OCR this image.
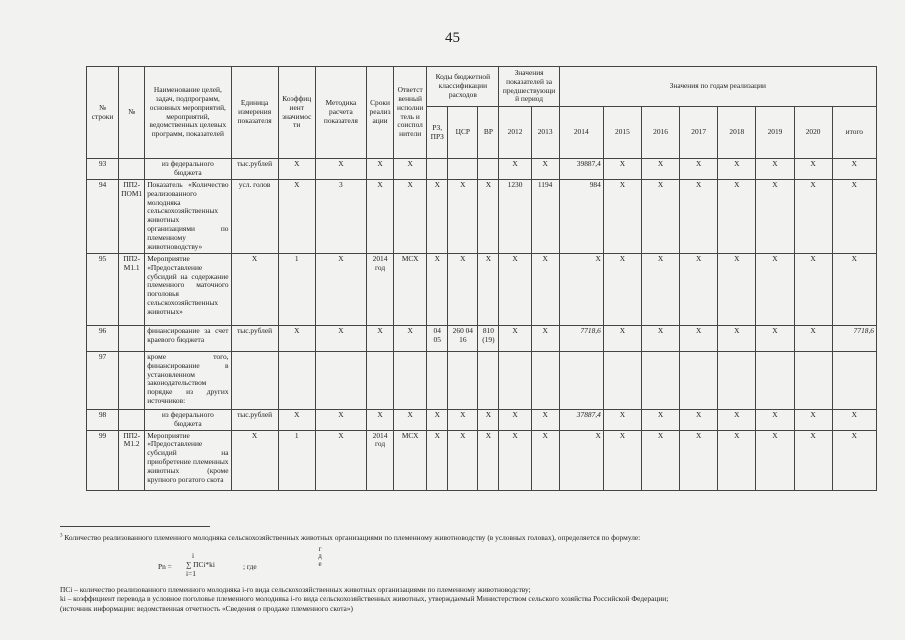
45
№ строки	№	Наименование целей, задач, подпрограмм, основных мероприятий, мероприятий, ведомственных целевых программ, показателей	Единица измерения показателя	Коэффициент значимости	Методика расчета показателя	Сроки реализации	Ответственный исполнитель и соисполнители	Коды бюджетной классификации расходов			Значения показателей за предшествующий период		Значения по годам реализации							
								РЗ, ПРЗ	ЦСР	ВР	2012	2013	2014	2015	2016	2017	2018	2019	2020	итого
93		из федерального бюджета	тыс.рублей	X	X	X	X				X	X	39887,4	X	X	X	X	X	X	X
94	ПП2-ПОМ1	Показатель «Количество реализованного молодняка сельскохозяйственных животных организациями по племенному животноводству»	усл. голов	X	3	X	X	X	X	X	1230	1194	984	X	X	X	X	X	X	X
95	ПП2-М1.1	Мероприятие «Предоставление субсидий на содержание племенного маточного поголовья сельскохозяйственных животных»	X	1	X	2014 год	МСХ	X	X	X	X	X	X	X	X	X	X	X	X	X
96		финансирование за счет краевого бюджета	тыс.рублей	X	X	X	X	04 05	260 04 16	810 (19)	X	X	7718,6	X	X	X	X	X	X	7718,6
97		кроме того, финансирование в установленном законодательством порядке из других источников:																		
98		из федерального бюджета	тыс.рублей	X	X	X	X	X	X	X	X	X	37887,4	X	X	X	X	X	X	X
99	ПП2-М1.2	Мероприятие «Предоставление субсидий на приобретение племенных животных (кроме крупного рогатого скота	X	1	X	2014 год	МСХ	X	X	X	X	X	X	X	X	X	X	X	X	X
$^3$ Количество реализованного племенного молодняка сельскохозяйственных животных организациями по племенному животноводству (в условных головах), определяется по формуле:
Pn =
i
∑ ПСi*ki
i=1
; где
г д е
ПСi – количество реализованного племенного молодняка i-го вида сельскохозяйственных животных организациями по племенному животноводству;
ki – коэффициент перевода в условное поголовье племенного молодняка i-го вида сельскохозяйственных животных, утверждаемый Министерством сельского хозяйства Российской Федерации;
(источник информации: ведомственная отчетность «Сведения о продаже племенного скота»)
